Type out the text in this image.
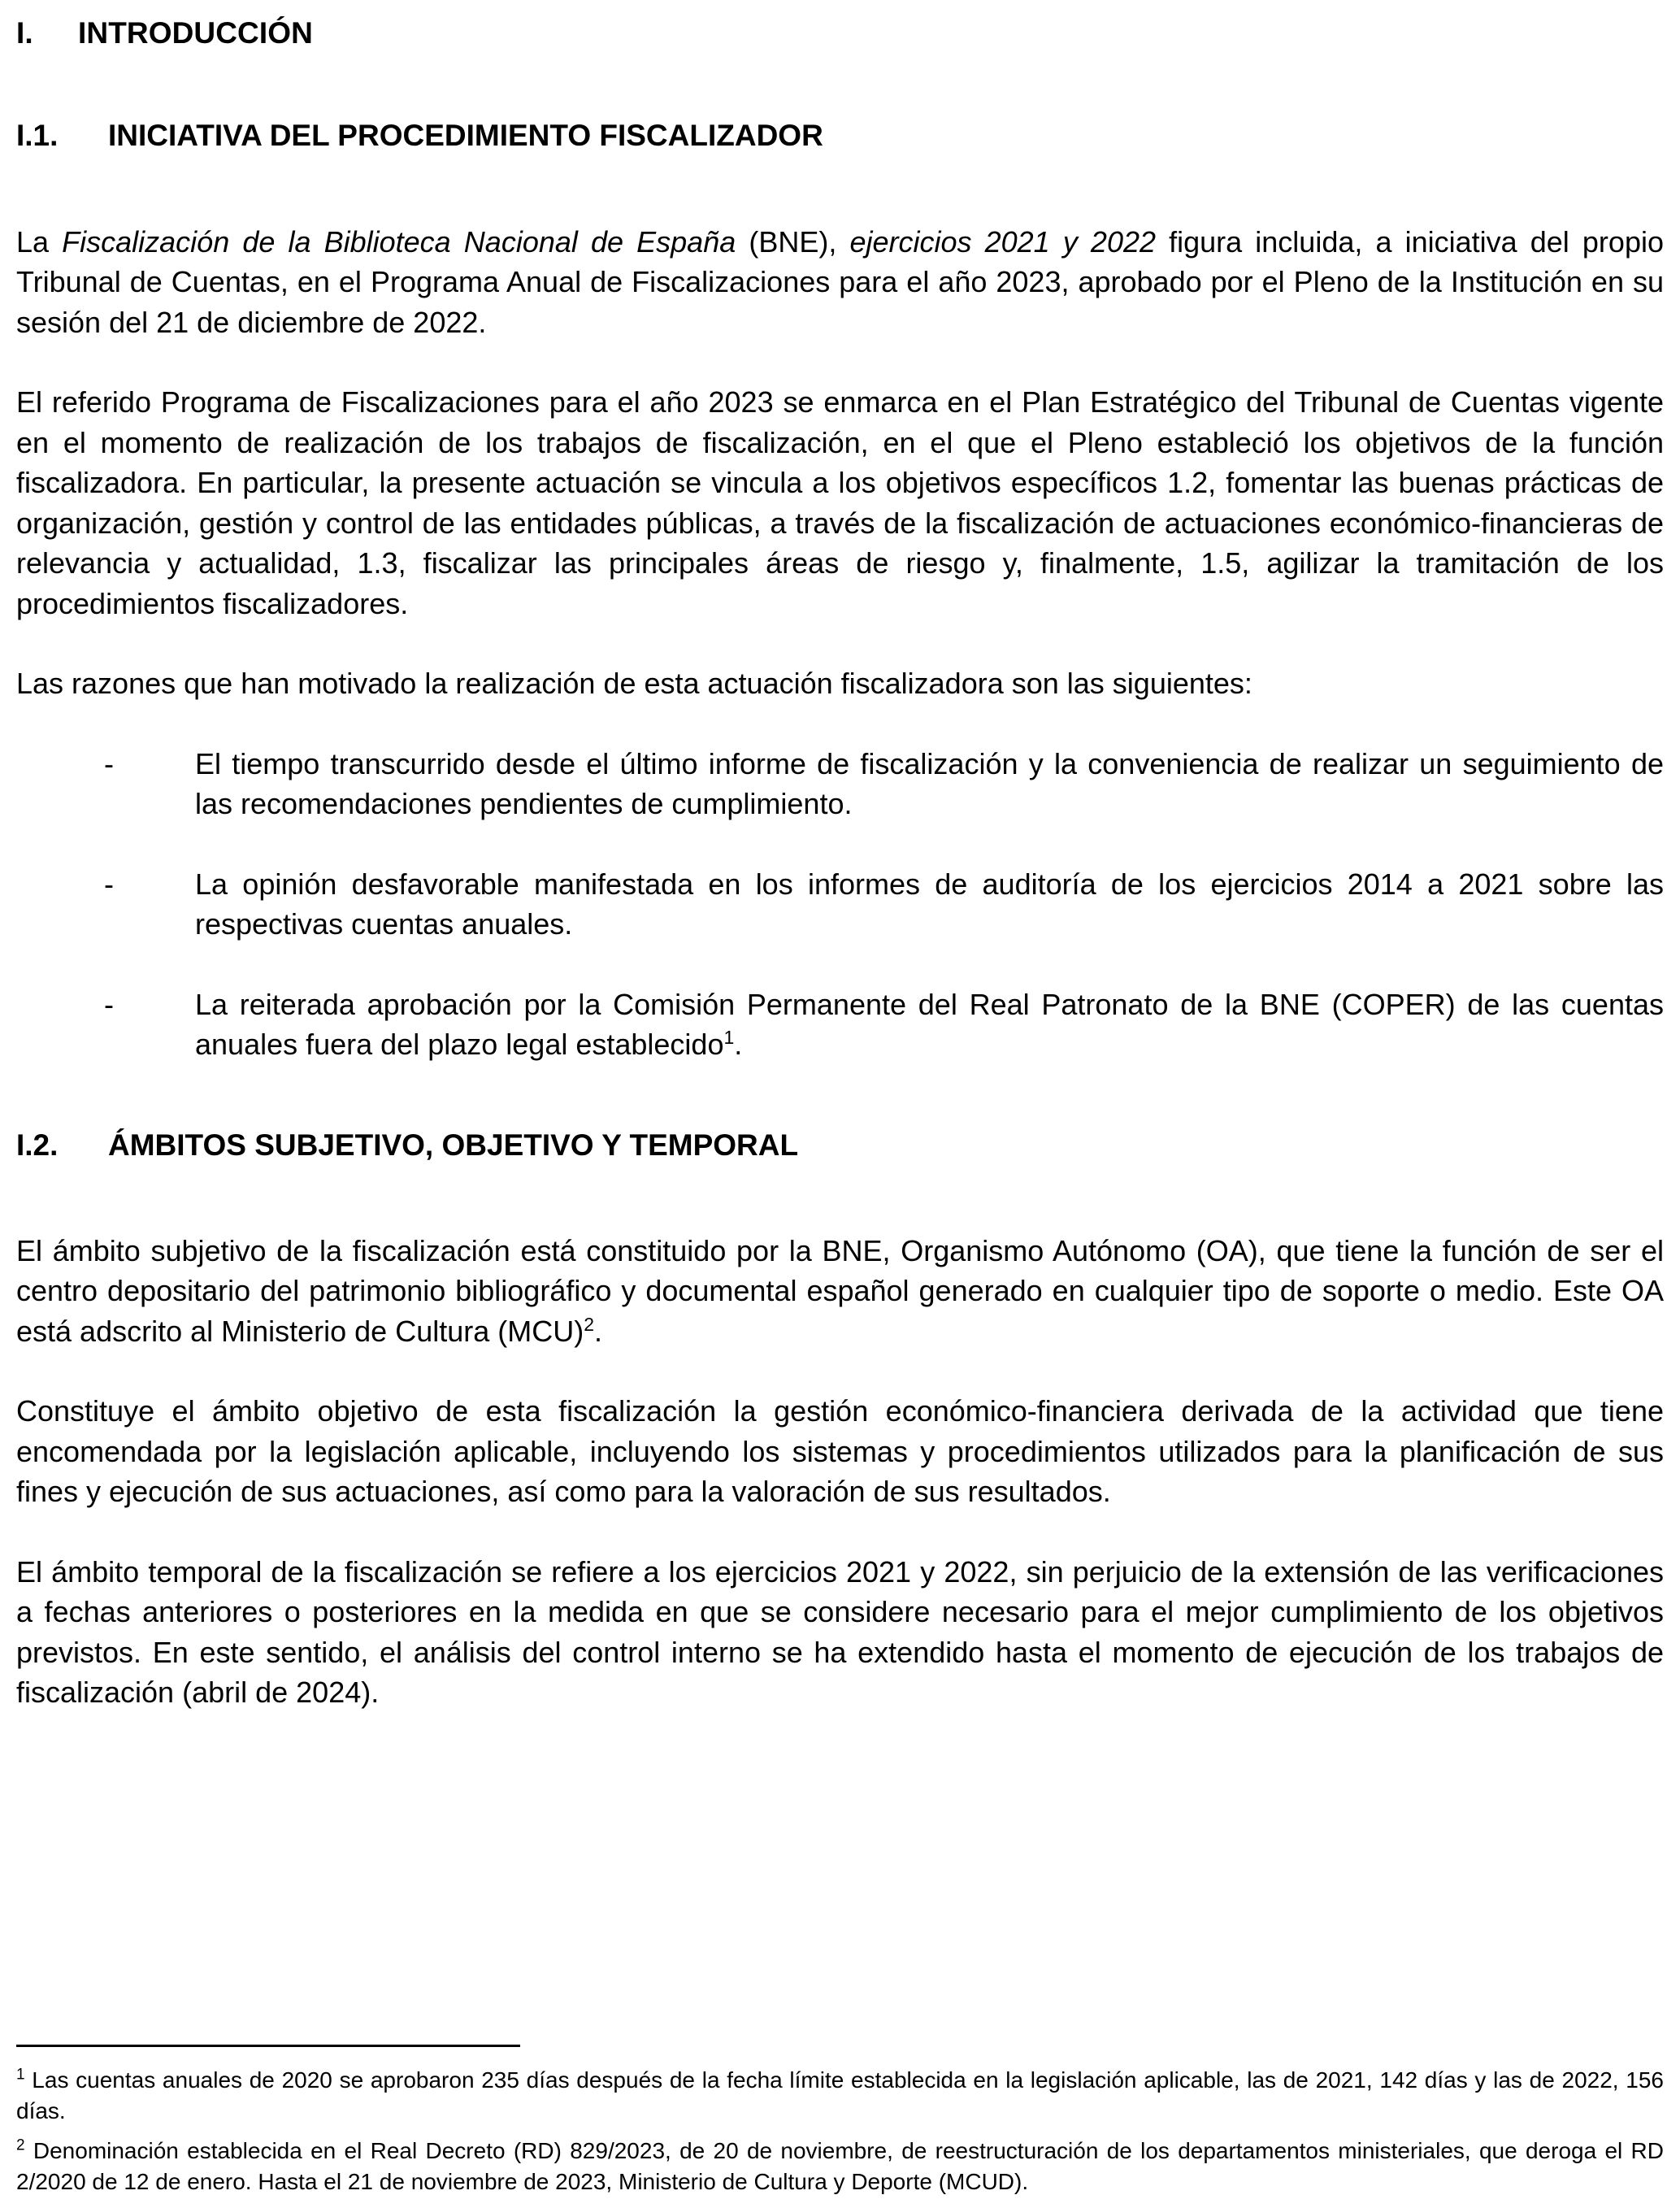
I.	INTRODUCCIÓN
I.1.	INICIATIVA DEL PROCEDIMIENTO FISCALIZADOR

La Fiscalización de la Biblioteca Nacional de España (BNE), ejercicios 2021 y 2022 figura incluida, a iniciativa del propio Tribunal de Cuentas, en el Programa Anual de Fiscalizaciones para el año 2023, aprobado por el Pleno de la Institución en su sesión del 21 de diciembre de 2022.

El referido Programa de Fiscalizaciones para el año 2023 se enmarca en el Plan Estratégico del Tribunal de Cuentas vigente en el momento de realización de los trabajos de fiscalización, en el que el Pleno estableció los objetivos de la función fiscalizadora. En particular, la presente actuación se vincula a los objetivos específicos 1.2, fomentar las buenas prácticas de organización, gestión y control de las entidades públicas, a través de la fiscalización de actuaciones económico-financieras de relevancia y actualidad, 1.3, fiscalizar las principales áreas de riesgo y, finalmente, 1.5, agilizar la tramitación de los procedimientos fiscalizadores.

Las razones que han motivado la realización de esta actuación fiscalizadora son las siguientes:

-	El tiempo transcurrido desde el último informe de fiscalización y la conveniencia de realizar un seguimiento de las recomendaciones pendientes de cumplimiento.
-	La opinión desfavorable manifestada en los informes de auditoría de los ejercicios 2014 a 2021 sobre las respectivas cuentas anuales.
-	La reiterada aprobación por la Comisión Permanente del Real Patronato de la BNE (COPER) de las cuentas anuales fuera del plazo legal establecido$^1$.
I.2.	ÁMBITOS SUBJETIVO, OBJETIVO Y TEMPORAL

El ámbito subjetivo de la fiscalización está constituido por la BNE, Organismo Autónomo (OA), que tiene la función de ser el centro depositario del patrimonio bibliográfico y documental español generado en cualquier tipo de soporte o medio. Este OA está adscrito al Ministerio de Cultura (MCU)$^2$.

Constituye el ámbito objetivo de esta fiscalización la gestión económico-financiera derivada de la actividad que tiene encomendada por la legislación aplicable, incluyendo los sistemas y procedimientos utilizados para la planificación de sus fines y ejecución de sus actuaciones, así como para la valoración de sus resultados.

El ámbito temporal de la fiscalización se refiere a los ejercicios 2021 y 2022, sin perjuicio de la extensión de las verificaciones a fechas anteriores o posteriores en la medida en que se considere necesario para el mejor cumplimiento de los objetivos previstos. En este sentido, el análisis del control interno se ha extendido hasta el momento de ejecución de los trabajos de fiscalización (abril de 2024).

$^1$ Las cuentas anuales de 2020 se aprobaron 235 días después de la fecha límite establecida en la legislación aplicable, las de 2021, 142 días y las de 2022, 156 días.

$^2$ Denominación establecida en el Real Decreto (RD) 829/2023, de 20 de noviembre, de reestructuración de los departamentos ministeriales, que deroga el RD 2/2020 de 12 de enero. Hasta el 21 de noviembre de 2023, Ministerio de Cultura y Deporte (MCUD).
